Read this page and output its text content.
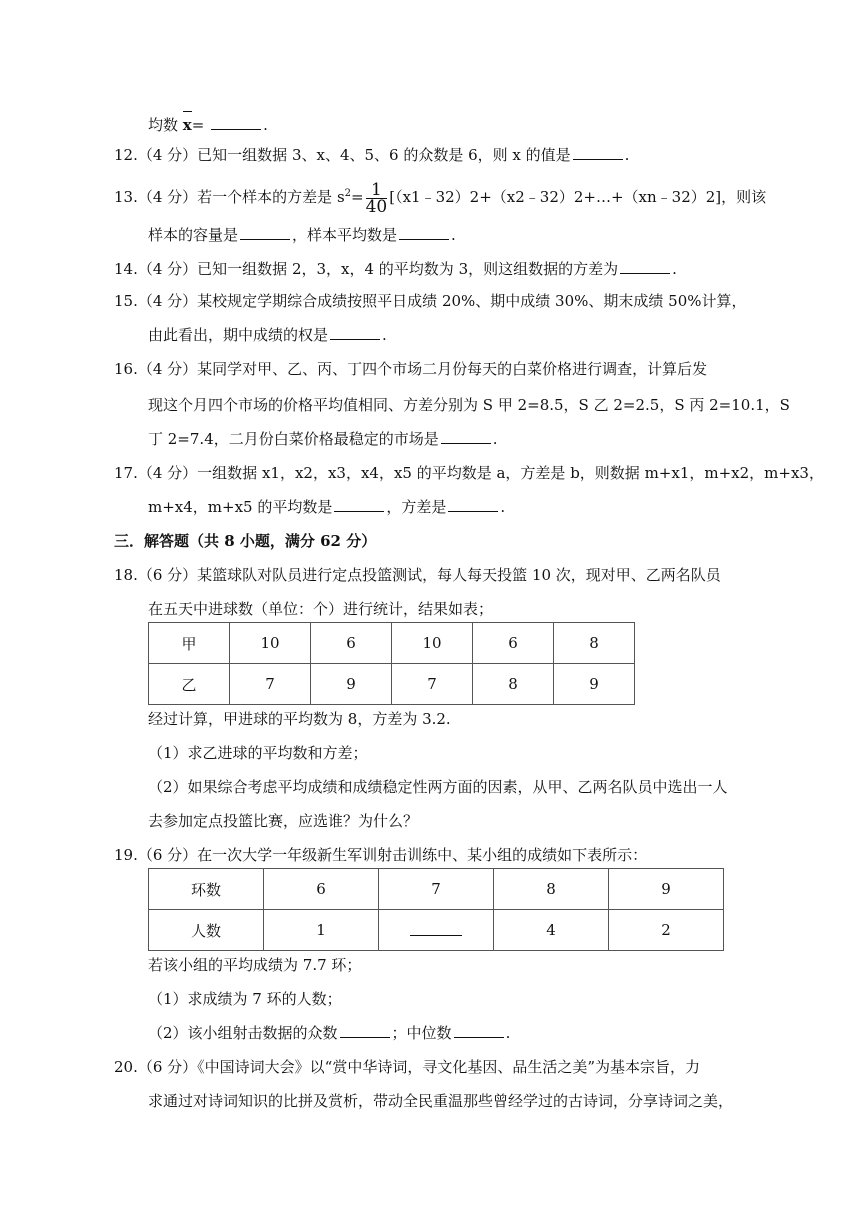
均数 x=	.
12.（4 分）已知一组数据 3、x、4、5、6 的众数是 6，则 x 的值是	.
13.（4 分）若一个样本的方差是 $s^2= \frac{1}{40}$ [（x1﹣32）2+（x2﹣32）2+…+（xn﹣32）2]，则该
样本的容量是	，样本平均数是	.
14.（4 分）已知一组数据 2，3，x，4 的平均数为 3，则这组数据的方差为	.
15.（4 分）某校规定学期综合成绩按照平日成绩 20%、期中成绩 30%、期末成绩 50%计算，
由此看出，期中成绩的权是	.
16.（4 分）某同学对甲、乙、丙、丁四个市场二月份每天的白菜价格进行调查，计算后发
现这个月四个市场的价格平均值相同、方差分别为 S 甲 2=8.5，S 乙 2=2.5，S 丙 2=10.1，S
丁 2=7.4，二月份白菜价格最稳定的市场是	.
17.（4 分）一组数据 x1，x2，x3，x4，x5 的平均数是 a，方差是 b，则数据 m+x1，m+x2，m+x3，
m+x4，m+x5 的平均数是	，方差是	.
三．解答题（共 8 小题，满分 62 分）
18.（6 分）某篮球队对队员进行定点投篮测试，每人每天投篮 10 次，现对甲、乙两名队员
在五天中进球数（单位：个）进行统计，结果如表；
甲	10	6	10	6	8
乙	7	9	7	8	9
经过计算，甲进球的平均数为 8，方差为 3.2.
（1）求乙进球的平均数和方差；
（2）如果综合考虑平均成绩和成绩稳定性两方面的因素，从甲、乙两名队员中选出一人
去参加定点投篮比赛，应选谁？为什么？
19.（6 分）在一次大学一年级新生军训射击训练中、某小组的成绩如下表所示：
环数	6	7	8	9
人数	1		4	2
若该小组的平均成绩为 7.7 环；
（1）求成绩为 7 环的人数；
（2）该小组射击数据的众数	；中位数	.
20.（6 分）《中国诗词大会》以“赏中华诗词，寻文化基因、品生活之美”为基本宗旨，力
求通过对诗词知识的比拼及赏析，带动全民重温那些曾经学过的古诗词，分享诗词之美，
